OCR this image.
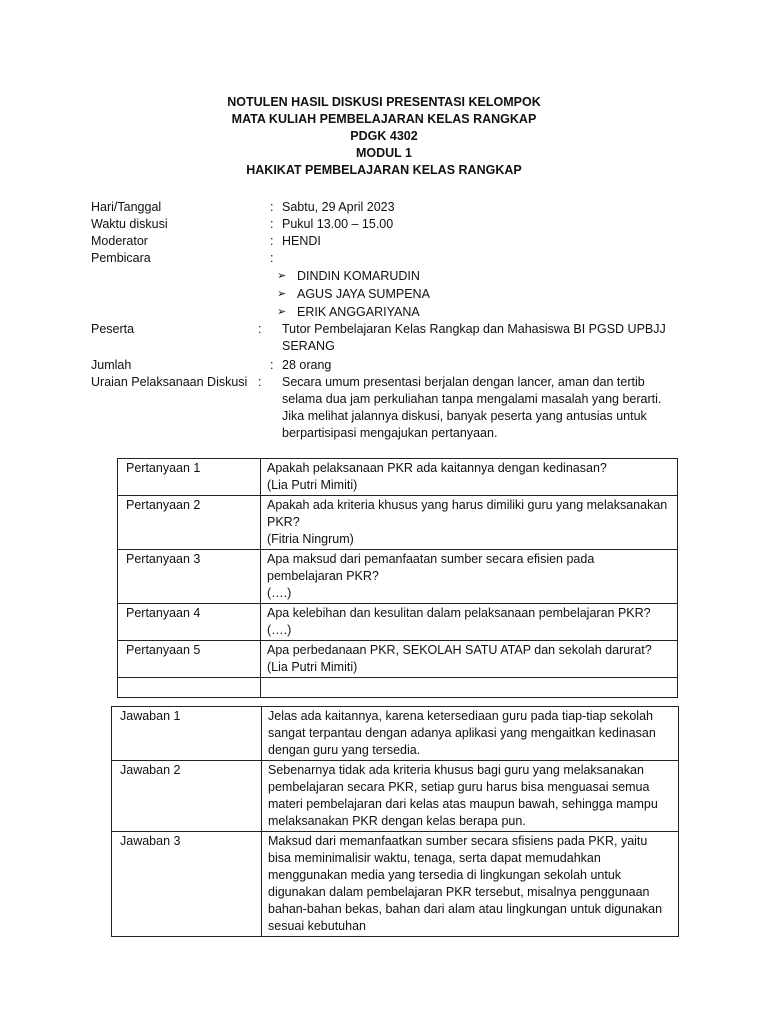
NOTULEN HASIL DISKUSI PRESENTASI KELOMPOK
MATA KULIAH PEMBELAJARAN KELAS RANGKAP
PDGK 4302
MODUL 1
HAKIKAT PEMBELAJARAN KELAS RANGKAP
Hari/Tanggal	: Sabtu, 29 April 2023
Waktu diskusi	: Pukul 13.00 – 15.00
Moderator	: HENDI
Pembicara	:
➢ DINDIN KOMARUDIN
➢ AGUS JAYA SUMPENA
➢ ERIK ANGGARIYANA
Peserta	: Tutor Pembelajaran Kelas Rangkap dan Mahasiswa BI PGSD UPBJJ SERANG
Jumlah	: 28 orang
Uraian Pelaksanaan Diskusi : Secara umum presentasi berjalan dengan lancer, aman dan tertib selama dua jam perkuliahan tanpa mengalami masalah yang berarti. Jika melihat jalannya diskusi, banyak peserta yang antusias untuk berpartisipasi mengajukan pertanyaan.
Pertanyaan 1	Apakah pelaksanaan PKR ada kaitannya dengan kedinasan?
(Lia Putri Mimiti)

Pertanyaan 2	Apakah ada kriteria khusus yang harus dimiliki guru yang melaksanakan PKR?
(Fitria Ningrum)

Pertanyaan 3	Apa maksud dari pemanfaatan sumber secara efisien pada pembelajaran PKR?
(….)

Pertanyaan 4	Apa kelebihan dan kesulitan dalam pelaksanaan pembelajaran PKR?
(….)

Pertanyaan 5	Apa perbedanaan PKR, SEKOLAH SATU ATAP dan sekolah darurat?
(Lia Putri Mimiti)

Jawaban 1	Jelas ada kaitannya, karena ketersediaan guru pada tiap-tiap sekolah sangat terpantau dengan adanya aplikasi yang mengaitkan kedinasan dengan guru yang tersedia.
Jawaban 2	Sebenarnya tidak ada kriteria khusus bagi guru yang melaksanakan pembelajaran secara PKR, setiap guru harus bisa menguasai semua materi pembelajaran dari kelas atas maupun bawah, sehingga mampu melaksanakan PKR dengan kelas berapa pun.
Jawaban 3	Maksud dari memanfaatkan sumber secara sfisiens pada PKR, yaitu bisa meminimalisir waktu, tenaga, serta dapat memudahkan menggunakan media yang tersedia di lingkungan sekolah untuk digunakan dalam pembelajaran PKR tersebut, misalnya penggunaan bahan-bahan bekas, bahan dari alam atau lingkungan untuk digunakan sesuai kebutuhan
